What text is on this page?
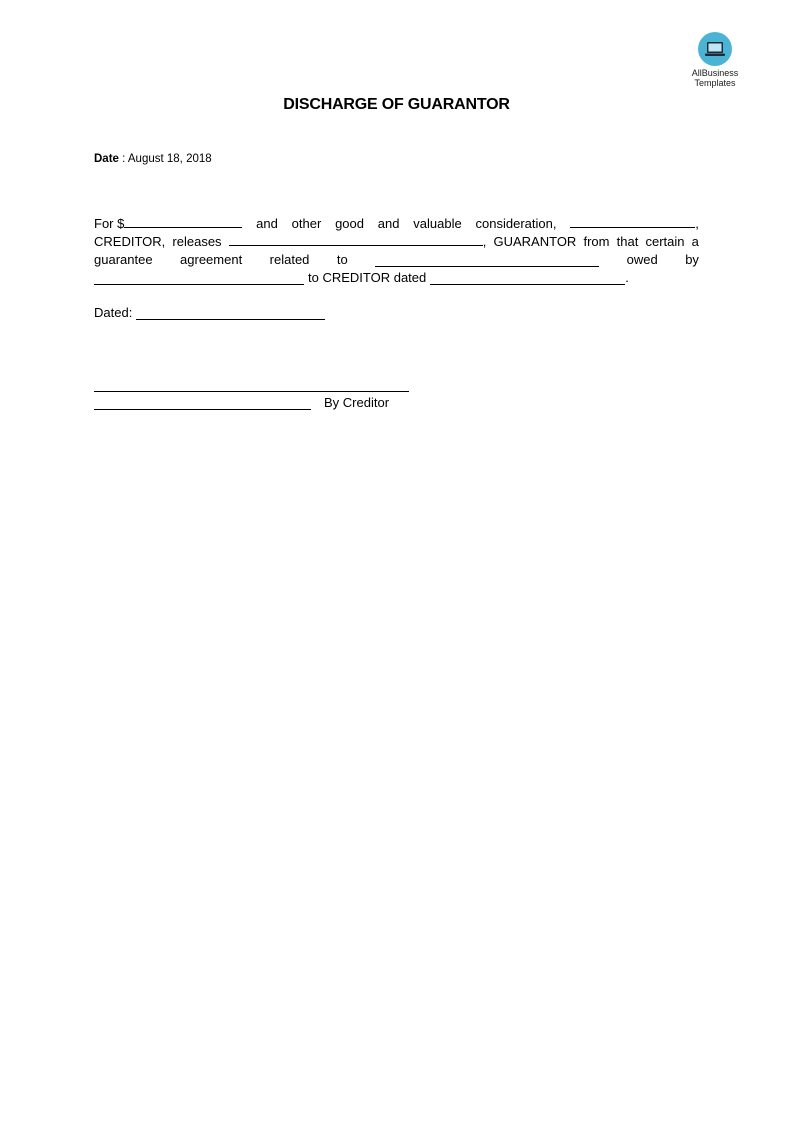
AllBusiness
Templates
DISCHARGE OF GUARANTOR
Date : August 18, 2018
For $	and other good and valuable consideration,	,
CREDITOR, releases	, GUARANTOR from that certain a
guarantee agreement related to	owed by
to CREDITOR dated	.
Dated:
By Creditor
